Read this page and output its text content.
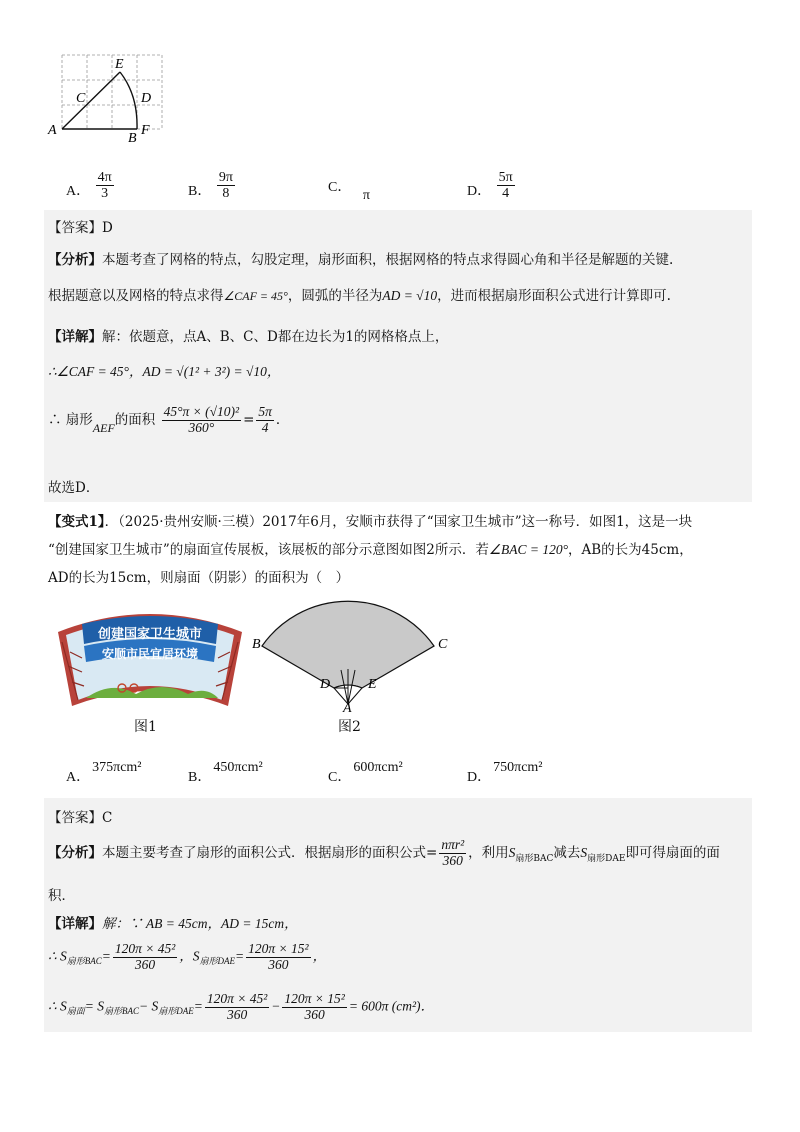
E
C	D
A
B
F
A． $\frac{4\pi}{3}$	B． $\frac{9\pi}{8}$	C． π	D． $\frac{5\pi}{4}$
【答案】D
【分析】本题考查了网格的特点，勾股定理，扇形面积，根据网格的特点求得圆心角和半径是解题的关键.
根据题意以及网格的特点求得∠CAF = 45°，圆弧的半径为AD = √10，进而根据扇形面积公式进行计算即可.
【详解】解：依题意，点A、B、C、D都在边长为1的网格格点上，
∴∠CAF = 45°，AD = √(1² + 3²) = √10，
∴ 扇形AEF的面积 $\frac{\text{45°π × (√10)²}}{360^\circ} = \frac{5\pi}{4}$ ．
故选D．
【变式1】．（2025·贵州安顺·三模）2017年6月，安顺市获得了“国家卫生城市”这一称号．如图1，这是一块
“创建国家卫生城市”的扇面宣传展板，该展板的部分示意图如图2所示．若∠BAC = 120°，AB的长为45cm，
AD的长为15cm，则扇面（阴影）的面积为（　）
创建国家卫生城市
安顺市民宜居环境
图1
B	C
D	E
A
图2
A．375πcm²
B．450πcm²
C．600πcm²
D．750πcm²
【答案】C
【分析】本题主要考查了扇形的面积公式．根据扇形的面积公式= $\frac{\text{nπr²}}{360}$ ，利用$S_{扇形BAC}$减去$S_{扇形DAE}$即可得扇面的面
积．
【详解】解：∵ AB = 45cm，AD = 15cm，
∴ $S_{扇形BAC}= \frac{\text{120π × 45²}}{360}$ ，$S_{扇形DAE}= \frac{\text{120π × 15²}}{360}$ ，
∴ $S_{扇面}= S_{扇形BAC}- S_{扇形DAE}= \frac{\text{120π × 45²}}{360} - \frac{\text{120π × 15²}}{360} = 600\pi$ (cm²)．
